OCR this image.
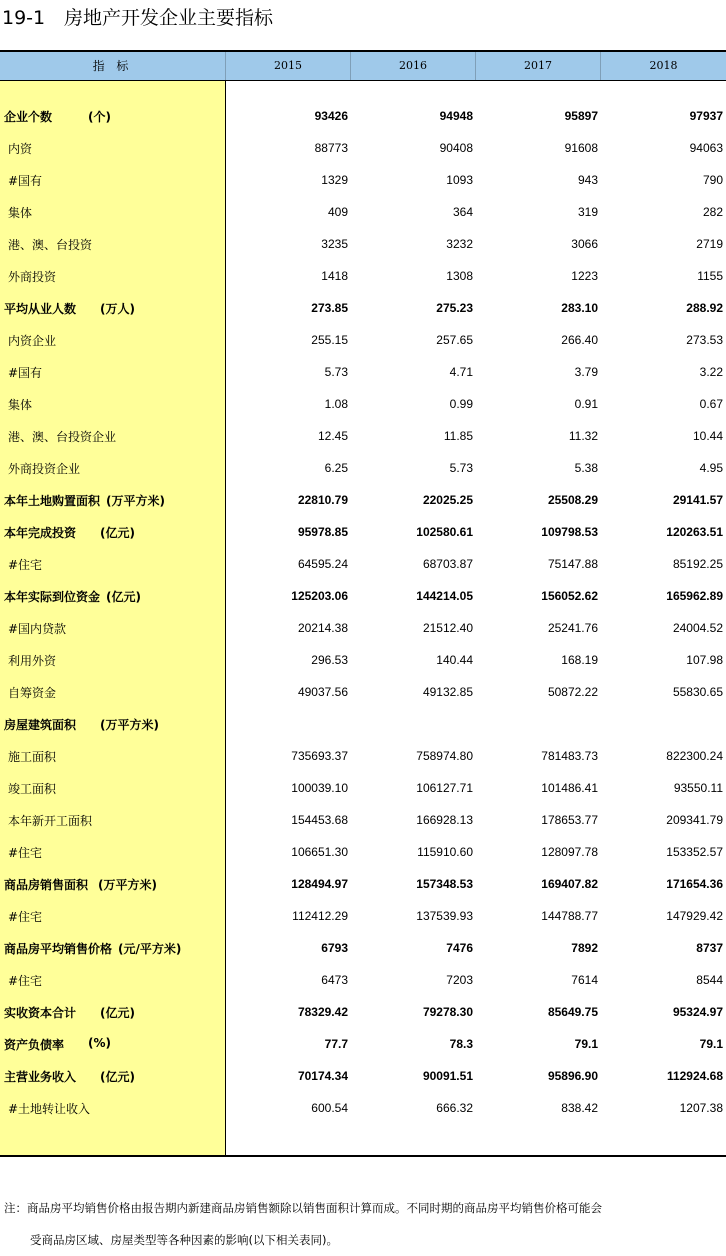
19-1 房地产开发企业主要指标
指 标	2015	2016	2017	2018
企业个数	(个)	93426	94948	95897	97937
内资	88773	90408	91608	94063
#国有	1329	1093	943	790
集体	409	364	319	282
港、澳、台投资	3235	3232	3066	2719
外商投资	1418	1308	1223	1155
平均从业人数 (万人)	273.85	275.23	283.10	288.92
内资企业	255.15	257.65	266.40	273.53
#国有	5.73	4.71	3.79	3.22
集体	1.08	0.99	0.91	0.67
港、澳、台投资企业	12.45	11.85	11.32	10.44
外商投资企业	6.25	5.73	5.38	4.95
本年土地购置面积 (万平方米)	22810.79	22025.25	25508.29	29141.57
本年完成投资 (亿元)	95978.85	102580.61	109798.53	120263.51
#住宅	64595.24	68703.87	75147.88	85192.25
本年实际到位资金 (亿元)	125203.06	144214.05	156052.62	165962.89
#国内贷款	20214.38	21512.40	25241.76	24004.52
利用外资	296.53	140.44	168.19	107.98
自筹资金	49037.56	49132.85	50872.22	55830.65
房屋建筑面积 (万平方米)
施工面积	735693.37	758974.80	781483.73	822300.24
竣工面积	100039.10	106127.71	101486.41	93550.11
本年新开工面积	154453.68	166928.13	178653.77	209341.79
#住宅	106651.30	115910.60	128097.78	153352.57
商品房销售面积 (万平方米)	128494.97	157348.53	169407.82	171654.36
#住宅	112412.29	137539.93	144788.77	147929.42
商品房平均销售价格 (元/平方米)	6793	7476	7892	8737
#住宅	6473	7203	7614	8544
实收资本合计 (亿元)	78329.42	79278.30	85649.75	95324.97
资产负债率 (%)	77.7	78.3	79.1	79.1
主营业务收入 (亿元)	70174.34	90091.51	95896.90	112924.68
#土地转让收入	600.54	666.32	838.42	1207.38
注：商品房平均销售价格由报告期内新建商品房销售额除以销售面积计算而成。不同时期的商品房平均销售价格可能会
受商品房区域、房屋类型等各种因素的影响(以下相关表同)。
